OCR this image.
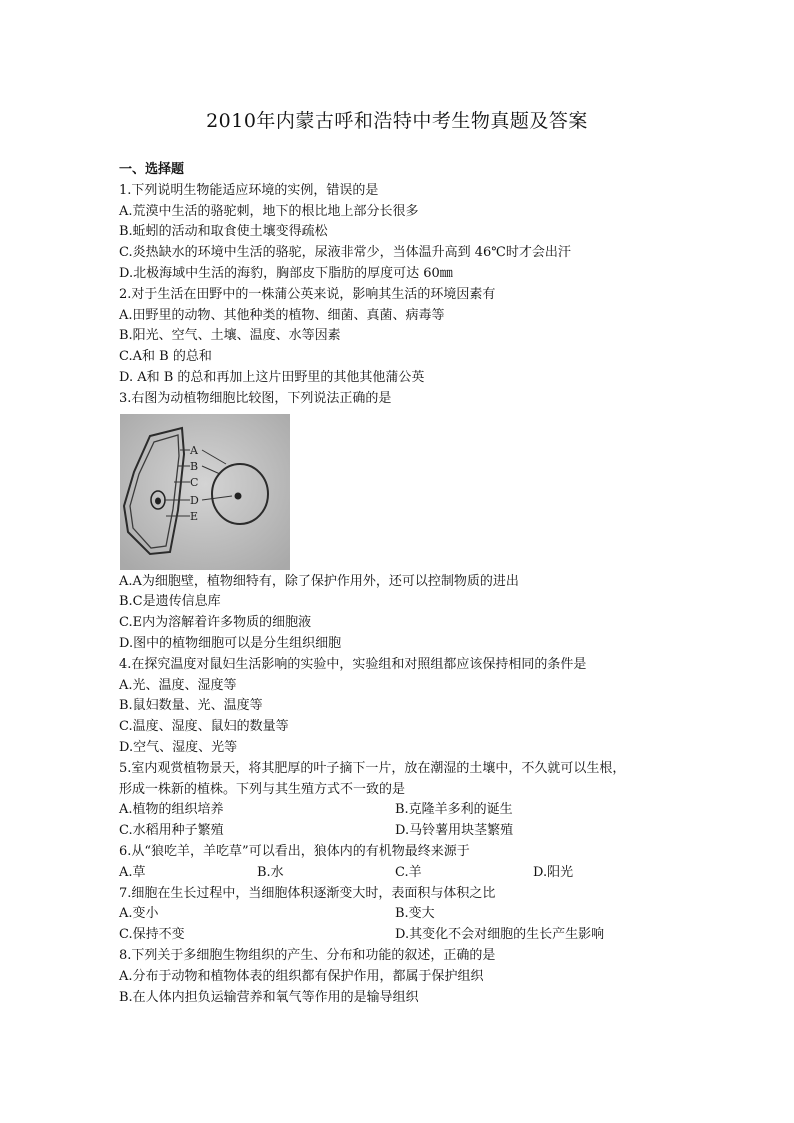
2010年内蒙古呼和浩特中考生物真题及答案
一、选择题
1.下列说明生物能适应环境的实例，错误的是
A.荒漠中生活的骆驼刺，地下的根比地上部分长很多
B.蚯蚓的活动和取食使土壤变得疏松
C.炎热缺水的环境中生活的骆驼，尿液非常少，当体温升高到 46℃时才会出汗
D.北极海域中生活的海豹，胸部皮下脂肪的厚度可达 60㎜
2.对于生活在田野中的一株蒲公英来说，影响其生活的环境因素有
A.田野里的动物、其他种类的植物、细菌、真菌、病毒等
B.阳光、空气、土壤、温度、水等因素
C.A和 B 的总和
D. A和 B 的总和再加上这片田野里的其他其他蒲公英
3.右图为动植物细胞比较图，下列说法正确的是
A
B
C
D
E
A.A为细胞壁，植物细特有，除了保护作用外，还可以控制物质的进出
B.C是遗传信息库
C.E内为溶解着许多物质的细胞液
D.图中的植物细胞可以是分生组织细胞
4.在探究温度对鼠妇生活影响的实验中，实验组和对照组都应该保持相同的条件是
A.光、温度、湿度等
B.鼠妇数量、光、温度等
C.温度、湿度、鼠妇的数量等
D.空气、湿度、光等
5.室内观赏植物景天，将其肥厚的叶子摘下一片，放在潮湿的土壤中，不久就可以生根，
形成一株新的植株。下列与其生殖方式不一致的是
A.植物的组织培养	B.克隆羊多利的诞生
C.水稻用种子繁殖	D.马铃薯用块茎繁殖
6.从“狼吃羊，羊吃草”可以看出，狼体内的有机物最终来源于
A.草	B.水	C.羊	D.阳光
7.细胞在生长过程中，当细胞体积逐渐变大时，表面积与体积之比
A.变小	B.变大
C.保持不变	D.其变化不会对细胞的生长产生影响
8.下列关于多细胞生物组织的产生、分布和功能的叙述，正确的是
A.分布于动物和植物体表的组织都有保护作用，都属于保护组织
B.在人体内担负运输营养和氧气等作用的是输导组织
